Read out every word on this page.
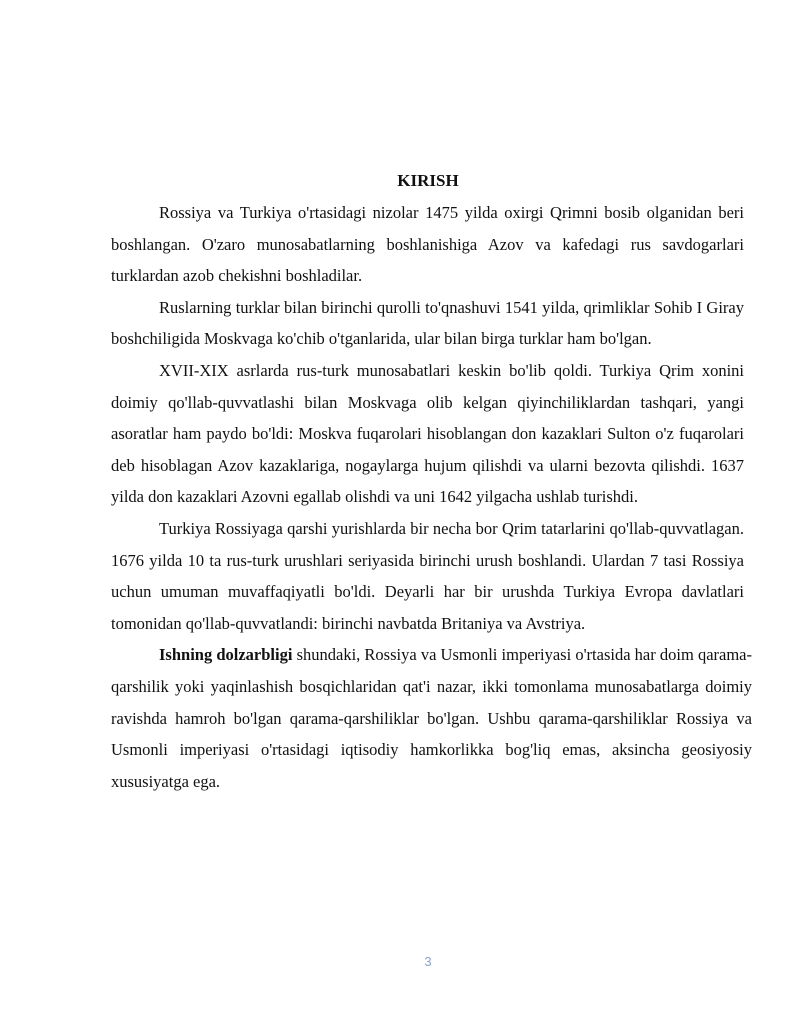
KIRISH

Rossiya va Turkiya o'rtasidagi nizolar 1475 yilda oxirgi Qrimni bosib olganidan beri boshlangan. O'zaro munosabatlarning boshlanishiga Azov va kafedagi rus savdogarlari turklardan azob chekishni boshladilar.

Ruslarning turklar bilan birinchi qurolli to'qnashuvi 1541 yilda, qrimliklar Sohib I Giray boshchiligida Moskvaga ko'chib o'tganlarida, ular bilan birga turklar ham bo'lgan.

XVII-XIX asrlarda rus-turk munosabatlari keskin bo'lib qoldi. Turkiya Qrim xonini doimiy qo'llab-quvvatlashi bilan Moskvaga olib kelgan qiyinchiliklardan tashqari, yangi asoratlar ham paydo bo'ldi: Moskva fuqarolari hisoblangan don kazaklari Sulton o'z fuqarolari deb hisoblagan Azov kazaklariga, nogaylarga hujum qilishdi va ularni bezovta qilishdi. 1637 yilda don kazaklari Azovni egallab olishdi va uni 1642 yilgacha ushlab turishdi.

Turkiya Rossiyaga qarshi yurishlarda bir necha bor Qrim tatarlarini qo'llab-quvvatlagan. 1676 yilda 10 ta rus-turk urushlari seriyasida birinchi urush boshlandi. Ulardan 7 tasi Rossiya uchun umuman muvaffaqiyatli bo'ldi. Deyarli har bir urushda Turkiya Evropa davlatlari tomonidan qo'llab-quvvatlandi: birinchi navbatda Britaniya va Avstriya.

Ishning dolzarbligi shundaki, Rossiya va Usmonli imperiyasi o'rtasida har doim qarama-qarshilik yoki yaqinlashish bosqichlaridan qat'i nazar, ikki tomonlama munosabatlarga doimiy ravishda hamroh bo'lgan qarama-qarshiliklar bo'lgan. Ushbu qarama-qarshiliklar Rossiya va Usmonli imperiyasi o'rtasidagi iqtisodiy hamkorlikka bog'liq emas, aksincha geosiyosiy xususiyatga ega.

3
